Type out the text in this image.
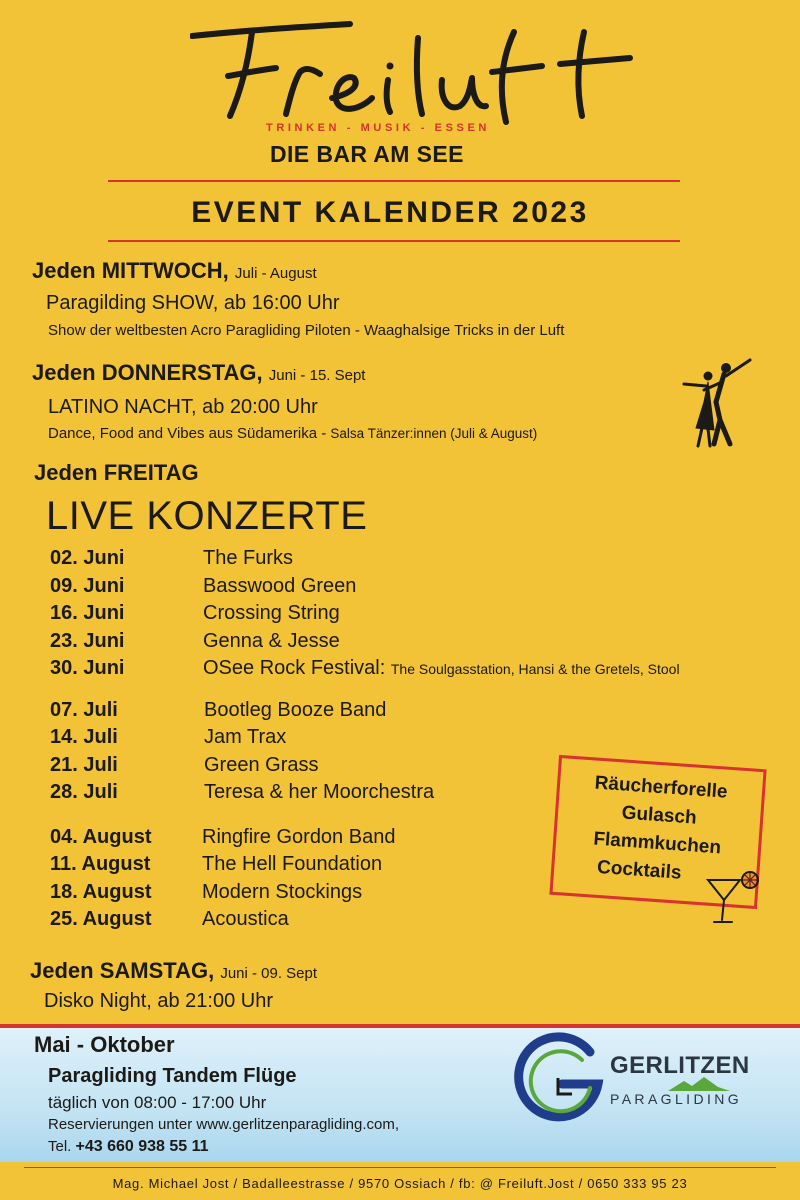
TRINKEN - MUSIK - ESSEN
DIE BAR AM SEE
EVENT KALENDER 2023
Jeden MITTWOCH, Juli - August
Paragilding SHOW, ab 16:00 Uhr
Show der weltbesten Acro Paragliding Piloten - Waaghalsige Tricks in der Luft
Jeden DONNERSTAG, Juni - 15. Sept
LATINO NACHT, ab 20:00 Uhr
Dance, Food and Vibes aus Südamerika - Salsa Tänzer:innen (Juli & August)
Jeden FREITAG
LIVE KONZERTE
02. Juni	The Furks
09. Juni	Basswood Green
16. Juni	Crossing String
23. Juni	Genna & Jesse
30. Juni	OSee Rock Festival: The Soulgasstation, Hansi & the Gretels, Stool
07. Juli	Bootleg Booze Band
14. Juli	Jam Trax
21. Juli	Green Grass
28. Juli	Teresa & her Moorchestra
04. August	Ringfire Gordon Band
11. August	The Hell Foundation
18. August	Modern Stockings
25. August	Acoustica
Räucherforelle
Gulasch
Flammkuchen
Cocktails
Jeden SAMSTAG, Juni - 09. Sept
Disko Night, ab 21:00 Uhr
Mai - Oktober
Paragliding Tandem Flüge
täglich von 08:00 - 17:00 Uhr
Reservierungen unter www.gerlitzenparagliding.com,
Tel. +43 660 938 55 11
GERLITZEN
PARAGLIDING
Mag. Michael Jost / Badalleestrasse / 9570 Ossiach / fb: @ Freiluft.Jost / 0650 333 95 23
